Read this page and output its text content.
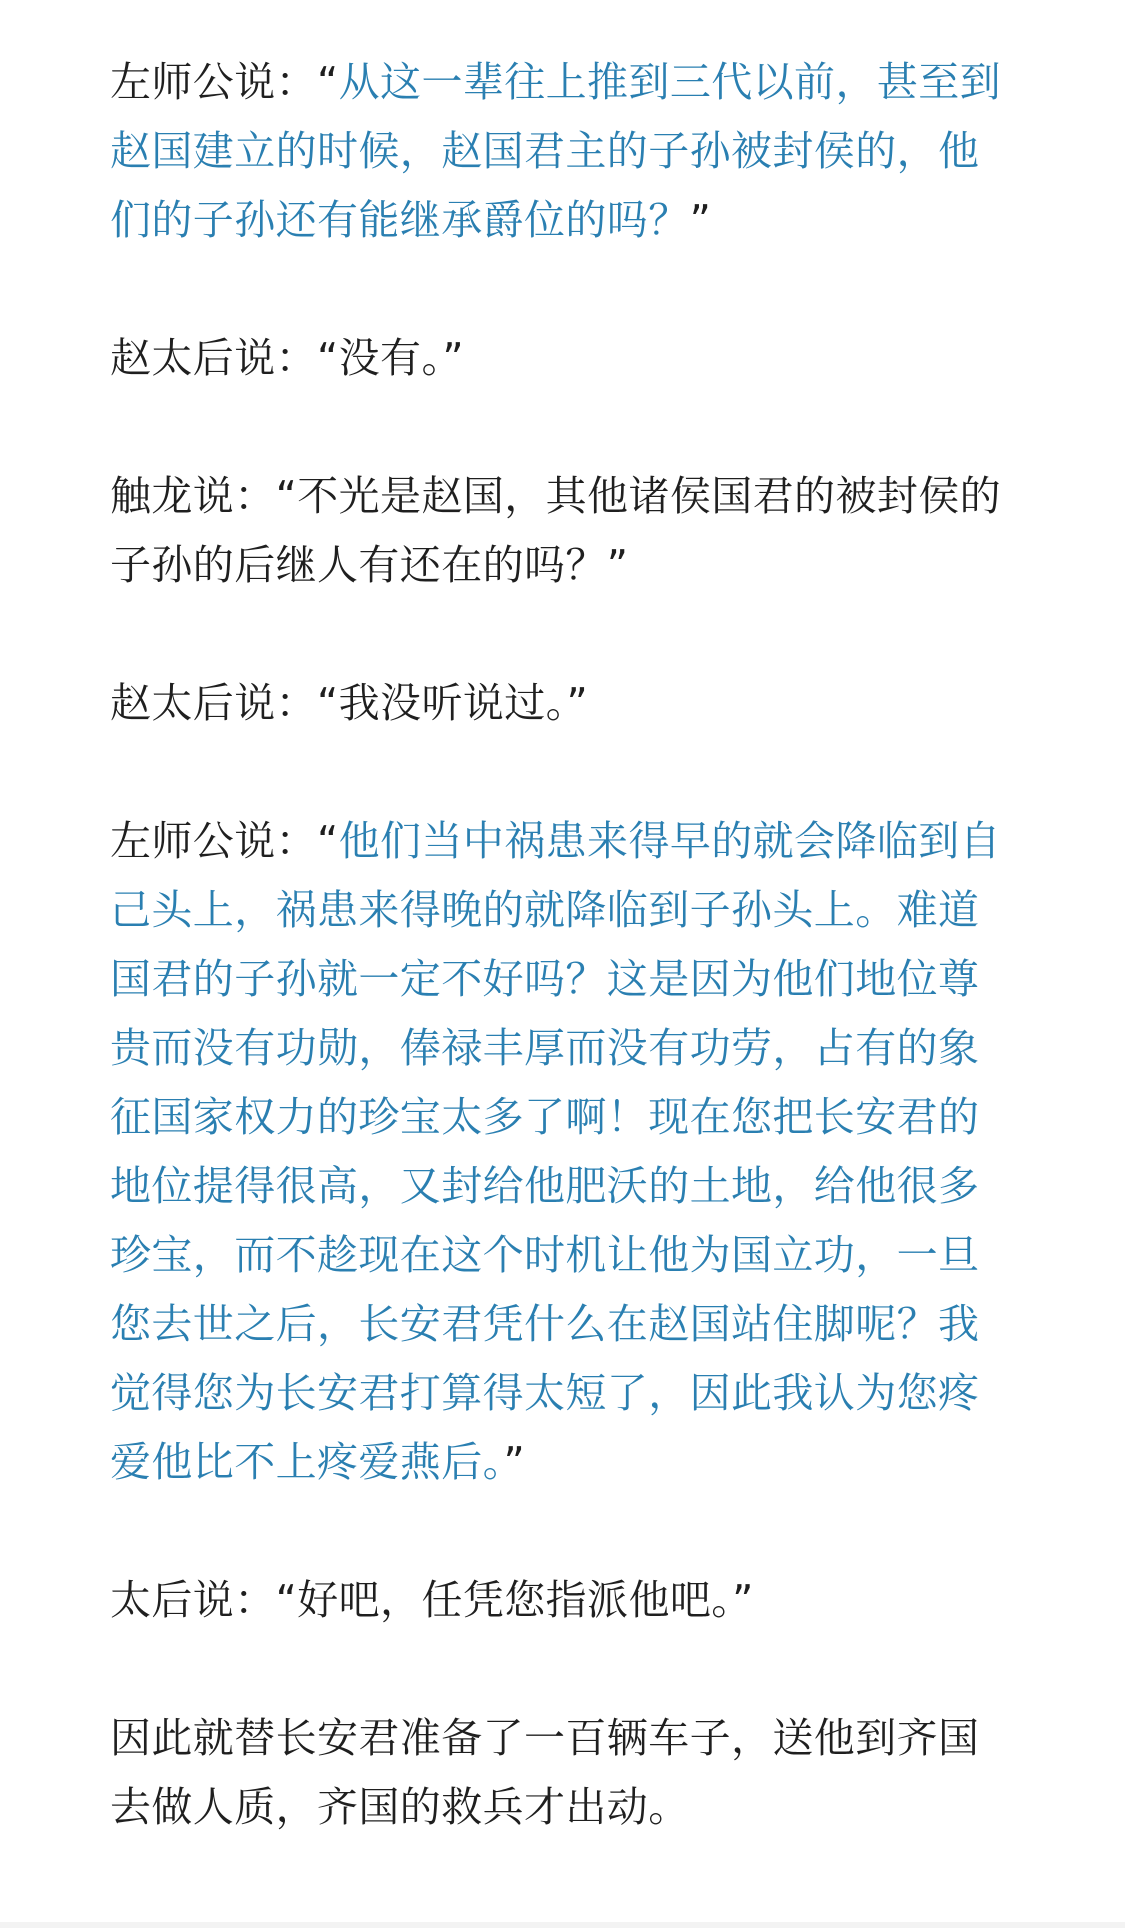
左师公说：“从这一辈往上推到三代以前，甚至到赵国建立的时候，赵国君主的子孙被封侯的，他们的子孙还有能继承爵位的吗？”

赵太后说：“没有。”

触龙说：“不光是赵国，其他诸侯国君的被封侯的子孙的后继人有还在的吗？”

赵太后说：“我没听说过。”

左师公说：“他们当中祸患来得早的就会降临到自己头上，祸患来得晚的就降临到子孙头上。难道国君的子孙就一定不好吗？这是因为他们地位尊贵而没有功勋，俸禄丰厚而没有功劳，占有的象征国家权力的珍宝太多了啊！现在您把长安君的地位提得很高，又封给他肥沃的土地，给他很多珍宝，而不趁现在这个时机让他为国立功，一旦您去世之后，长安君凭什么在赵国站住脚呢？我觉得您为长安君打算得太短了，因此我认为您疼爱他比不上疼爱燕后。”

太后说：“好吧，任凭您指派他吧。”

因此就替长安君准备了一百辆车子，送他到齐国去做人质，齐国的救兵才出动。
